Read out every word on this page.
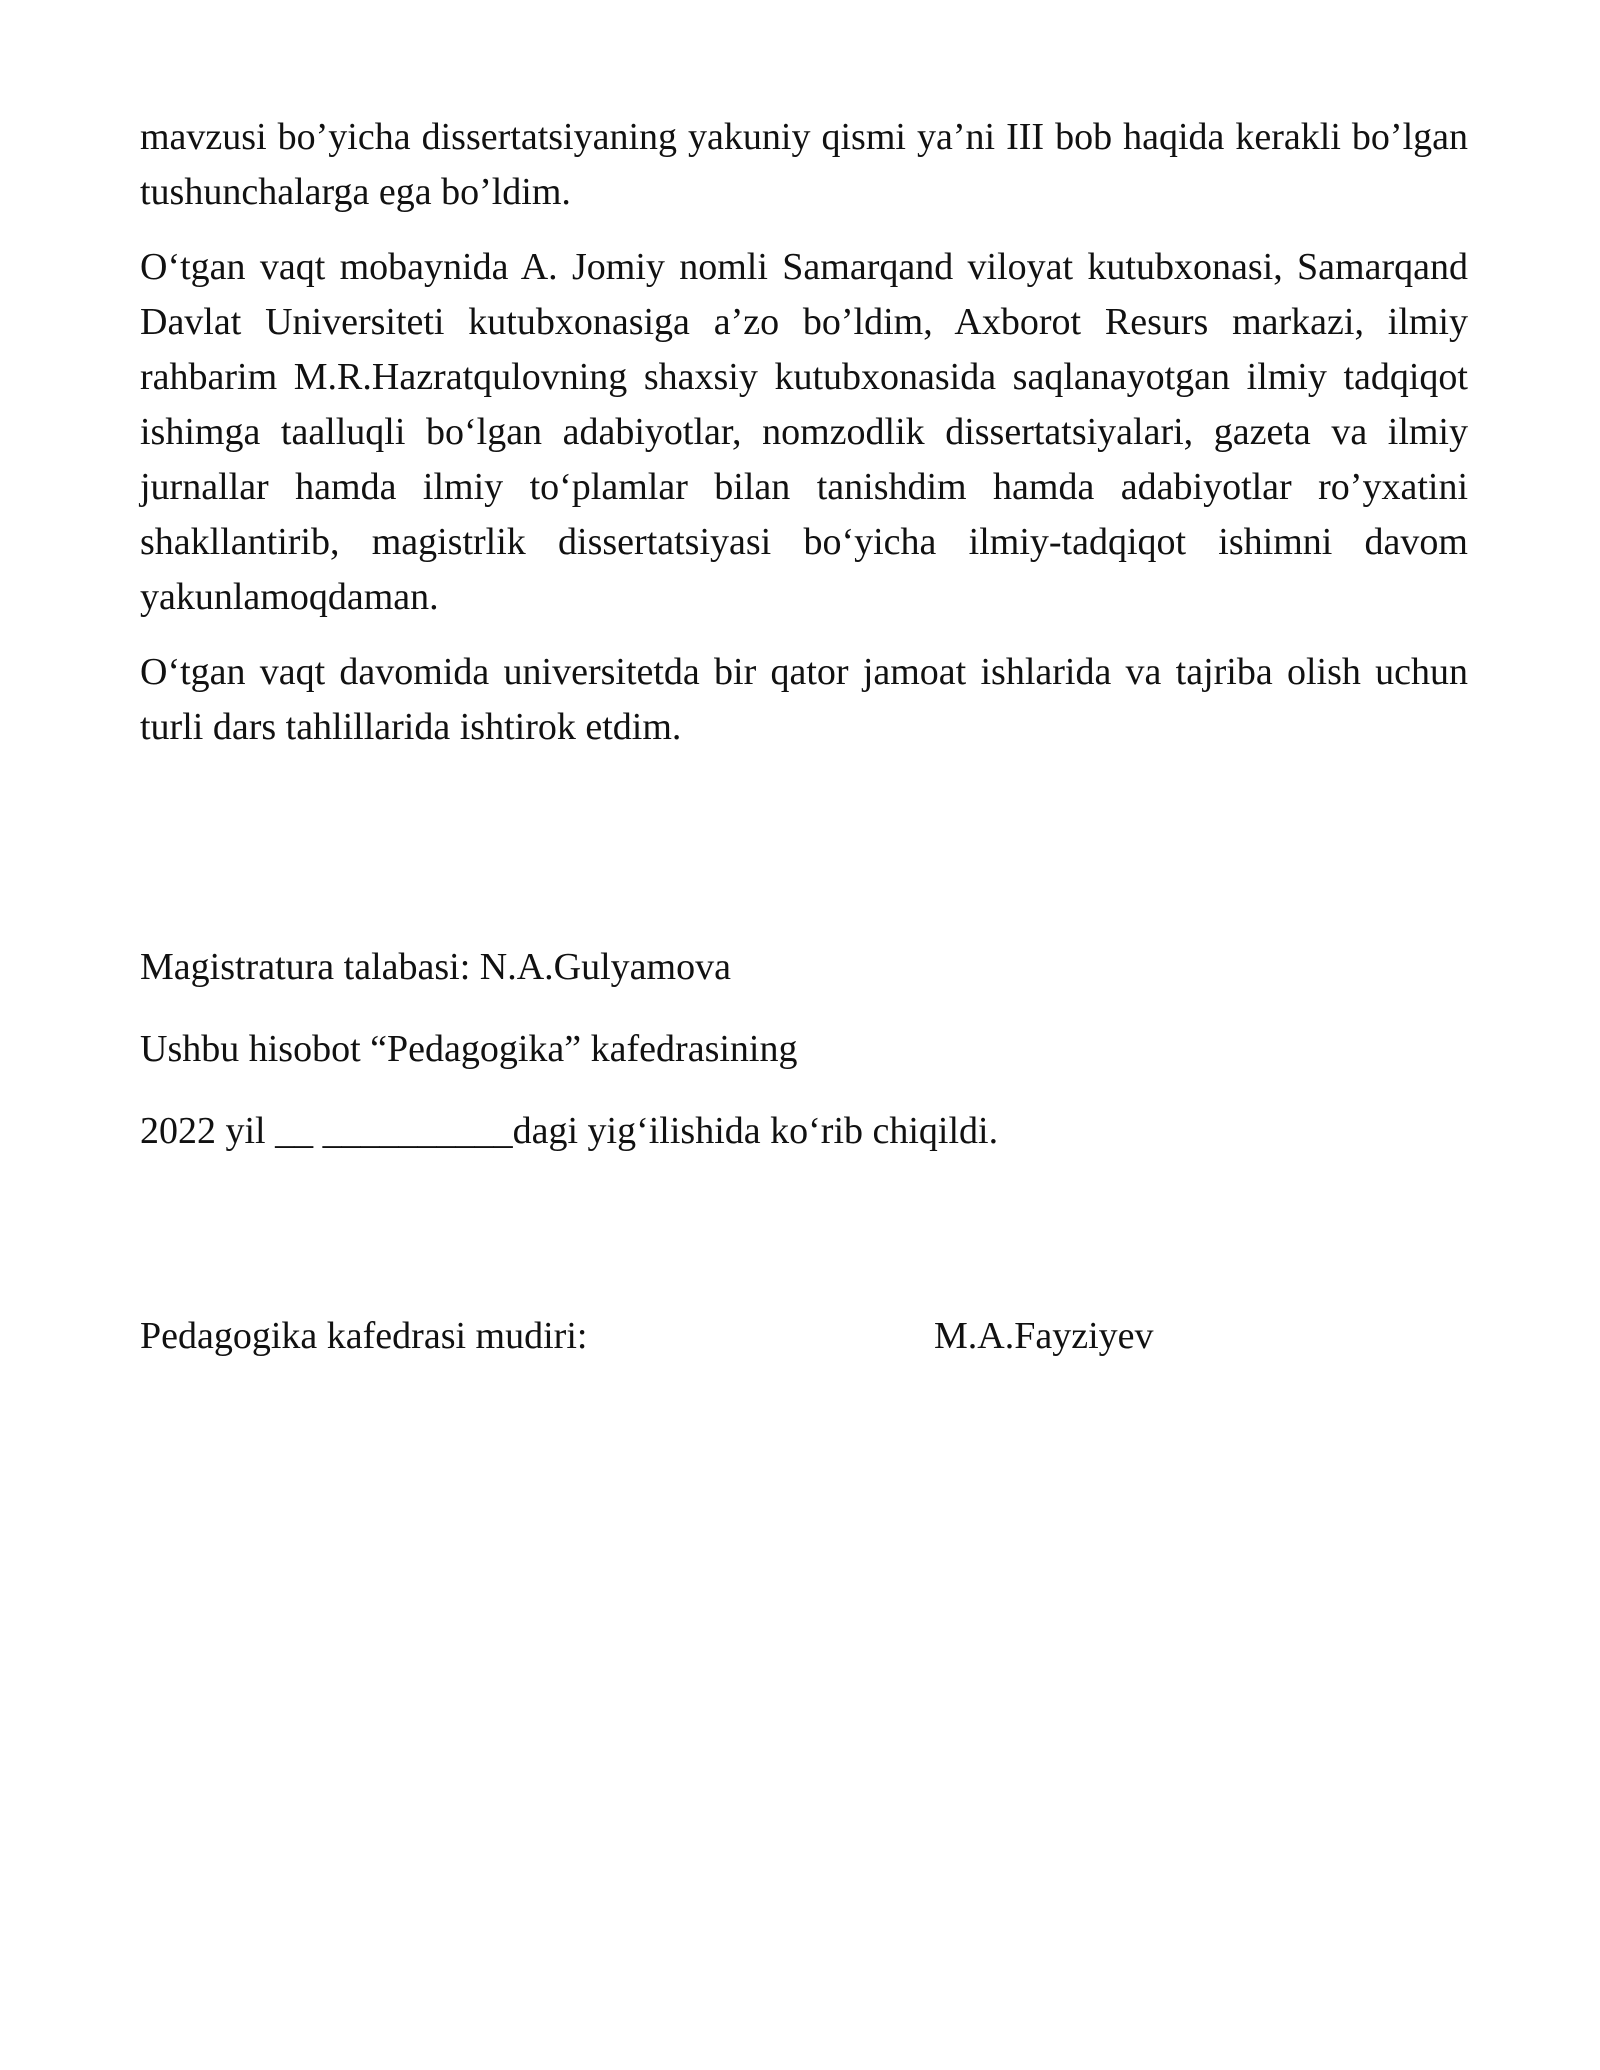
mavzusi bo’yicha dissertatsiyaning yakuniy qismi ya’ni III bob haqida kerakli bo’lgan tushunchalarga ega bo’ldim.

O‘tgan vaqt mobaynida A. Jomiy nomli Samarqand viloyat kutubxonasi, Samarqand Davlat Universiteti kutubxonasiga a’zo bo’ldim, Axborot Resurs markazi, ilmiy rahbarim M.R.Hazratqulovning shaxsiy kutubxonasida saqlanayotgan ilmiy tadqiqot ishimga taalluqli bo‘lgan adabiyotlar, nomzodlik dissertatsiyalari, gazeta va ilmiy jurnallar hamda ilmiy to‘plamlar bilan tanishdim hamda adabiyotlar ro’yxatini shakllantirib, magistrlik dissertatsiyasi bo‘yicha ilmiy-tadqiqot ishimni davom yakunlamoqdaman.

O‘tgan vaqt davomida universitetda bir qator jamoat ishlarida va tajriba olish uchun turli dars tahlillarida ishtirok etdim.

Magistratura talabasi: N.A.Gulyamova

Ushbu hisobot “Pedagogika” kafedrasining

2022 yil __ __________dagi yig‘ilishida ko‘rib chiqildi.

Pedagogika kafedrasi mudiri:	M.A.Fayziyev
